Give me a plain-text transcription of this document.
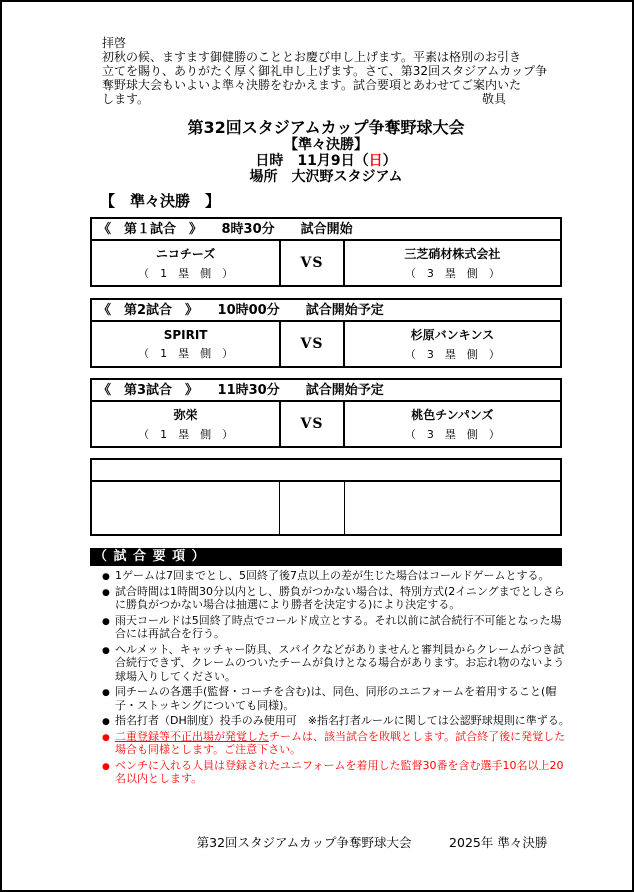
拝啓
初秋の候、ますます御健勝のこととお慶び申し上げます。平素は格別のお引き
立てを賜り、ありがたく厚く御礼申し上げます。さて、第32回スタジアムカップ争
奪野球大会もいよいよ準々決勝をむかえます。試合要項とあわせてご案内いた
します。	敬具
第32回スタジアムカップ争奪野球大会
【準々決勝】
日時　11月9日（日）
場所　大沢野スタジアム
【　準々決勝　】
《　第１試合　》　　8時30分　　試合開始
ニコチーズ
（　1　塁　側　）
VS
三芝硝材株式会社
（　3　塁　側　）
《　第2試合　》　　10時00分　　試合開始予定
SPIRIT
（　1　塁　側　）
VS
杉原バンキンス
（　3　塁　側　）
《　第3試合　》　　11時30分　　試合開始予定
弥栄
（　1　塁　側　）
VS
桃色チンパンズ
（　3　塁　側　）
（ 試 合 要 項 ）
● 1ゲームは7回までとし、5回終了後7点以上の差が生じた場合はコールドゲームとする。
● 試合時間は1時間30分以内とし、勝負がつかない場合は、特別方式(2イニングまでとしさらに勝負がつかない場合は抽選により勝者を決定する)により決定する。
● 雨天コールドは5回終了時点でコールド成立とする。それ以前に試合続行不可能となった場合には再試合を行う。
● ヘルメット、キャッチャー防具、スパイクなどがありませんと審判員からクレームがつき試合続行できず、クレームのついたチームが負けとなる場合があります。お忘れ物のないよう球場入りしてください。
● 同チームの各選手(監督・コーチを含む)は、同色、同形のユニフォームを着用すること(帽子・ストッキングについても同様)。
● 指名打者（DH制度）投手のみ使用可　※指名打者ルールに関しては公認野球規則に準ずる。
● 二重登録等不正出場が発覚したチームは、該当試合を敗戦とします。試合終了後に発覚した場合も同様とします。ご注意下さい。
● ベンチに入れる人員は登録されたユニフォームを着用した監督30番を含む選手10名以上20名以内とします。
第32回スタジアムカップ争奪野球大会　　　2025年 準々決勝
